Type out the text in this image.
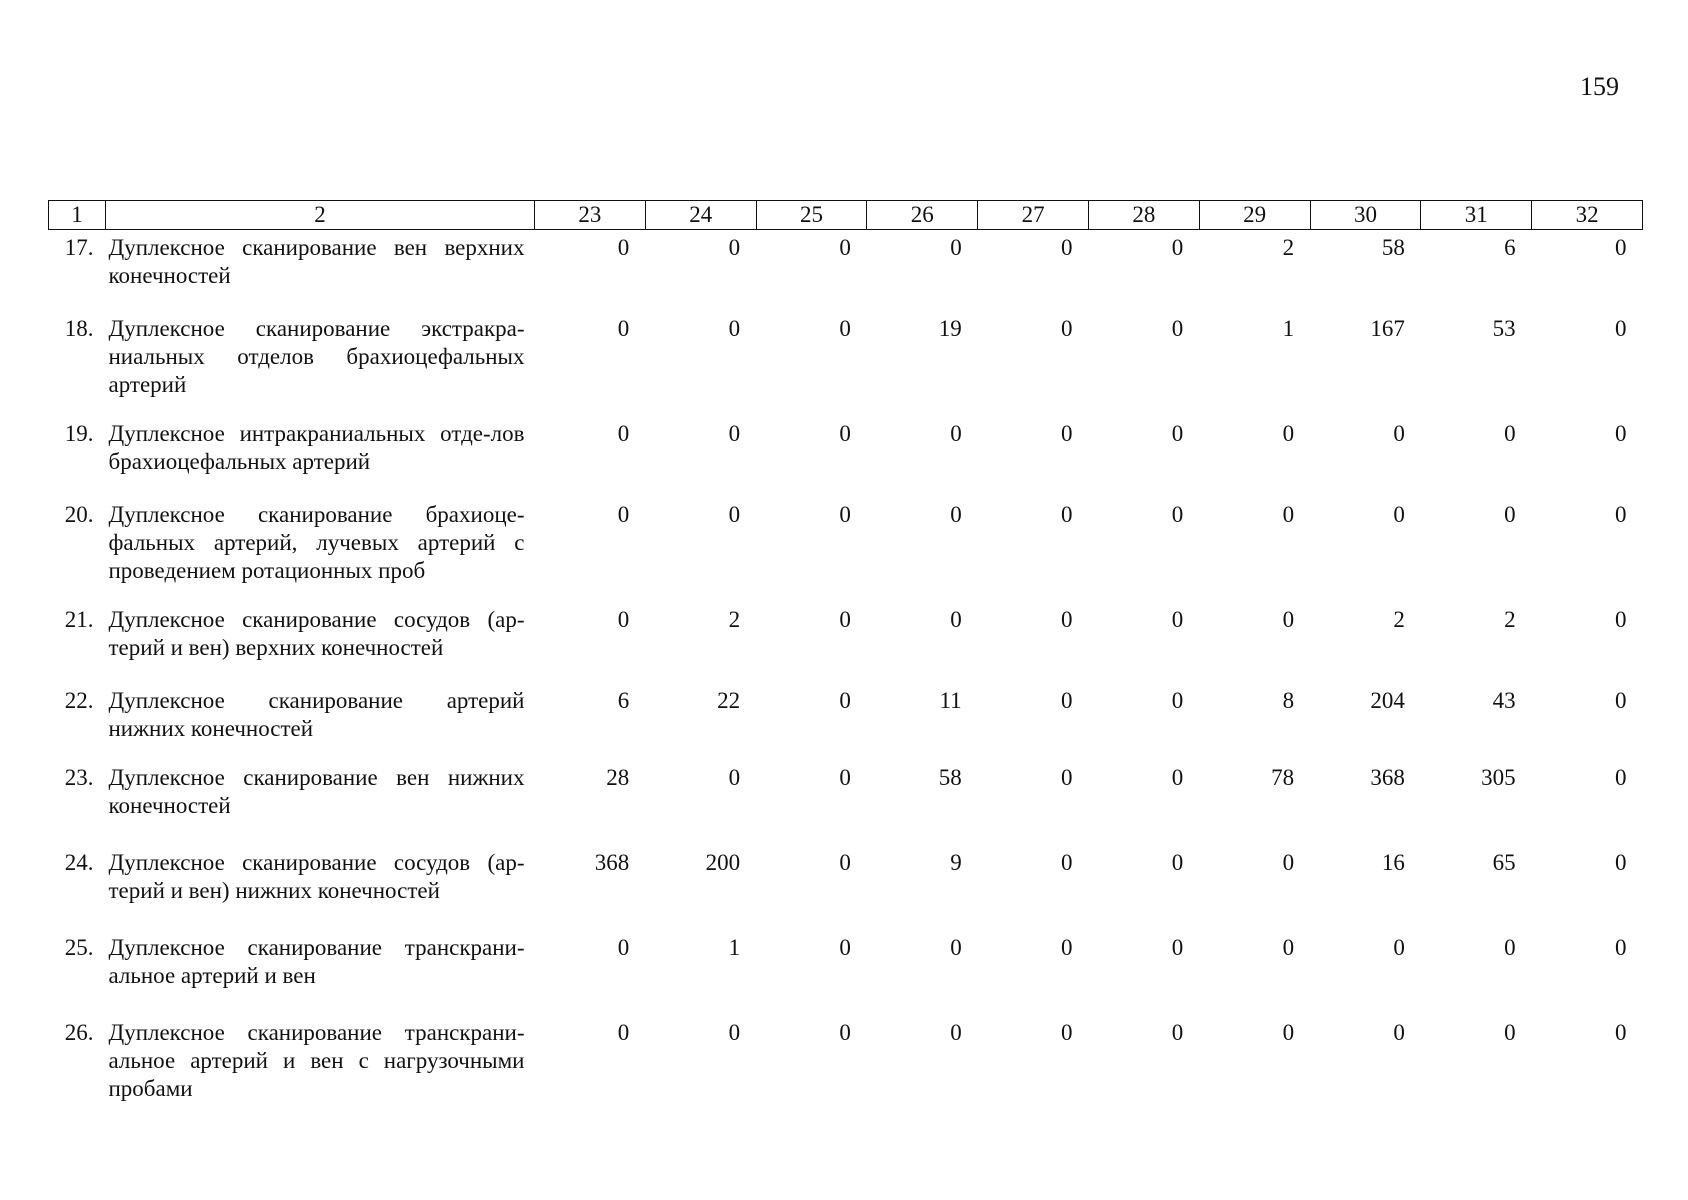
159
1	2	23	24	25	26	27	28	29	30	31	32
17.	Дуплексное сканирование вен верхних конечностей	0	0	0	0	0	0	2	58	6	0
18.	Дуплексное сканирование экстракра-ниальных отделов брахиоцефальных артерий	0	0	0	19	0	0	1	167	53	0
19.	Дуплексное интракраниальных отде-лов брахиоцефальных артерий	0	0	0	0	0	0	0	0	0	0
20.	Дуплексное сканирование брахиоце-фальных артерий, лучевых артерий с проведением ротационных проб	0	0	0	0	0	0	0	0	0	0
21.	Дуплексное сканирование сосудов (ар-терий и вен) верхних конечностей	0	2	0	0	0	0	0	2	2	0
22.	Дуплексное сканирование артерий нижних конечностей	6	22	0	11	0	0	8	204	43	0
23.	Дуплексное сканирование вен нижних конечностей	28	0	0	58	0	0	78	368	305	0
24.	Дуплексное сканирование сосудов (ар-терий и вен) нижних конечностей	368	200	0	9	0	0	0	16	65	0
25.	Дуплексное сканирование транскрани-альное артерий и вен	0	1	0	0	0	0	0	0	0	0
26.	Дуплексное сканирование транскрани-альное артерий и вен с нагрузочными пробами	0	0	0	0	0	0	0	0	0	0
